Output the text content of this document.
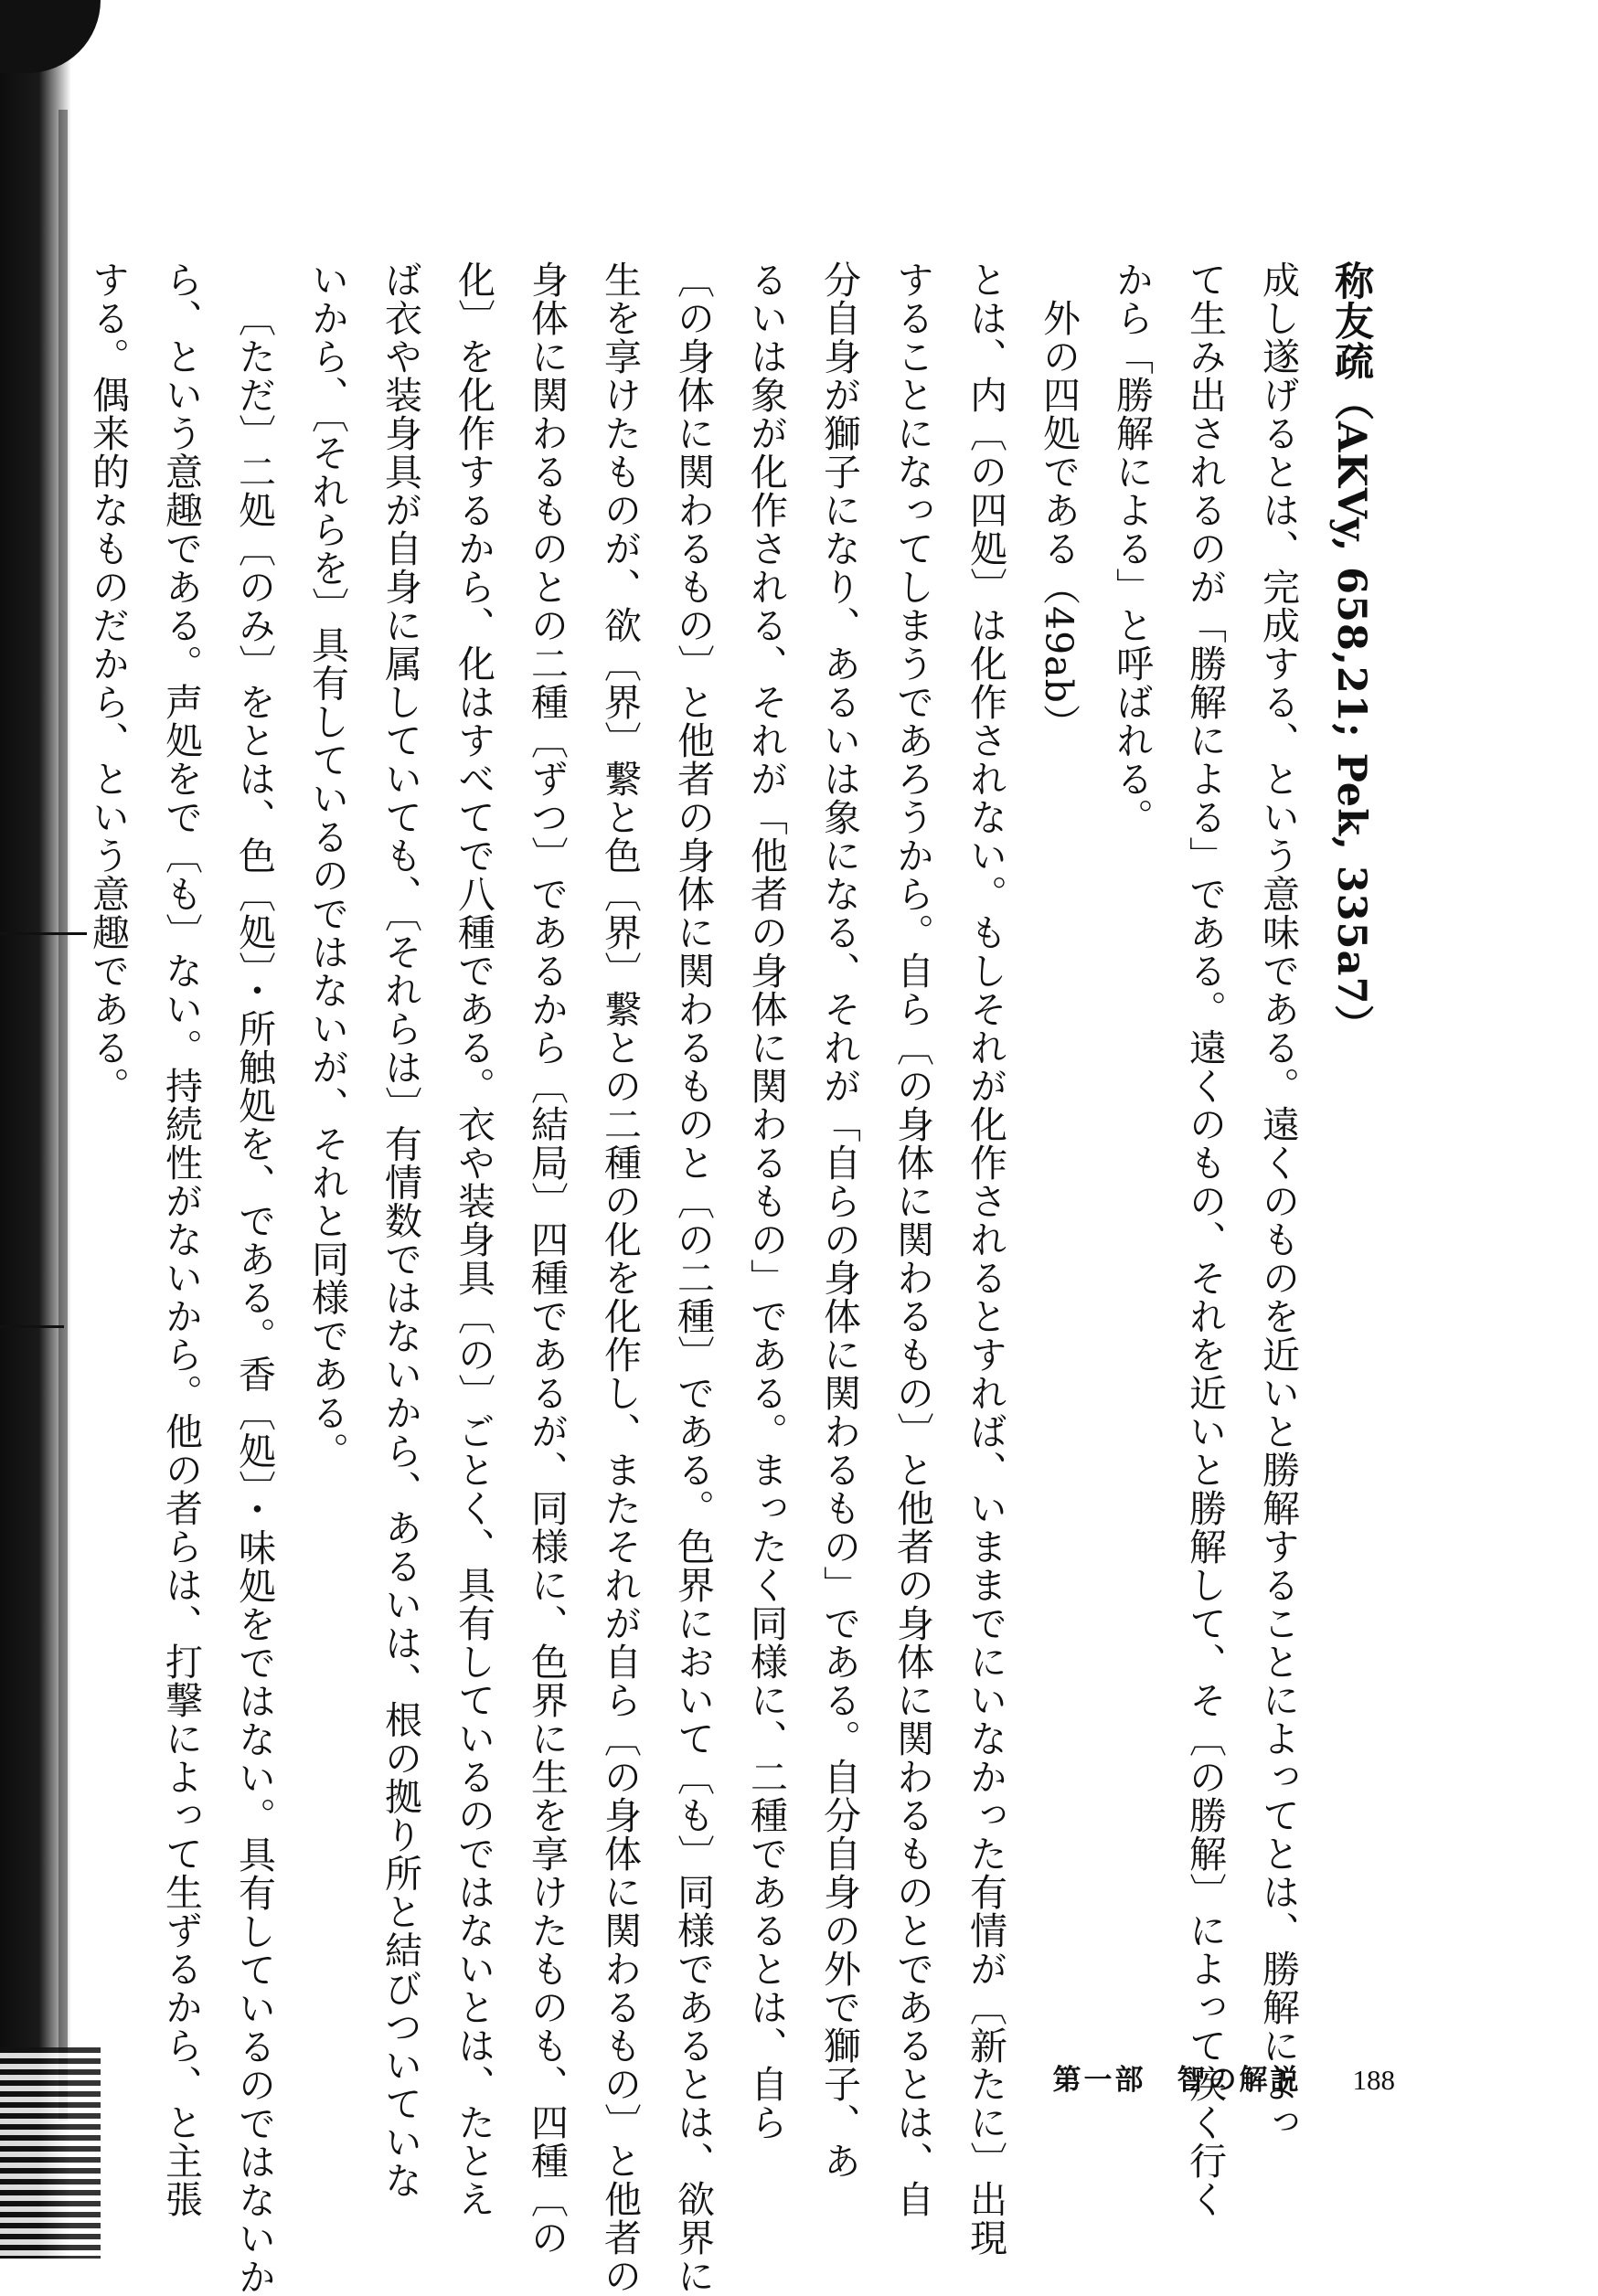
称友疏（AKVy, 658,21; Pek, 335a7）
成し遂げるとは、完成する、という意味である。遠くのものを近いと勝解することによってとは、勝解によっ
て生み出されるのが「勝解による」である。遠くのもの、それを近いと勝解して、そ〔の勝解〕によって疾く行く
から「勝解による」と呼ばれる。
外の四処である（49ab）
とは、内〔の四処〕は化作されない。もしそれが化作されるとすれば、いままでにいなかった有情が〔新たに〕出現
することになってしまうであろうから。自ら〔の身体に関わるもの〕と他者の身体に関わるものとであるとは、自
分自身が獅子になり、あるいは象になる、それが「自らの身体に関わるもの」である。自分自身の外で獅子、あ
るいは象が化作される、それが「他者の身体に関わるもの」である。まったく同様に、二種であるとは、自ら
〔の身体に関わるもの〕と他者の身体に関わるものと〔の二種〕である。色界において〔も〕同様であるとは、欲界に
生を享けたものが、欲〔界〕繋と色〔界〕繋との二種の化を化作し、またそれが自ら〔の身体に関わるもの〕と他者の
身体に関わるものとの二種〔ずつ〕であるから〔結局〕四種であるが、同様に、色界に生を享けたものも、四種〔の
化〕を化作するから、化はすべてで八種である。衣や装身具〔の〕ごとく、具有しているのではないとは、たとえ
ば衣や装身具が自身に属していても、〔それらは〕有情数ではないから、あるいは、根の拠り所と結びついていな
いから、〔それらを〕具有しているのではないが、それと同様である。
〔ただ〕二処〔のみ〕をとは、色〔処〕・所触処を、である。香〔処〕・味処をではない。具有しているのではないか
ら、という意趣である。声処をで〔も〕ない。持続性がないから。他の者らは、打撃によって生ずるから、と主張
する。偶来的なものだから、という意趣である。
第一部　智の解説 188
